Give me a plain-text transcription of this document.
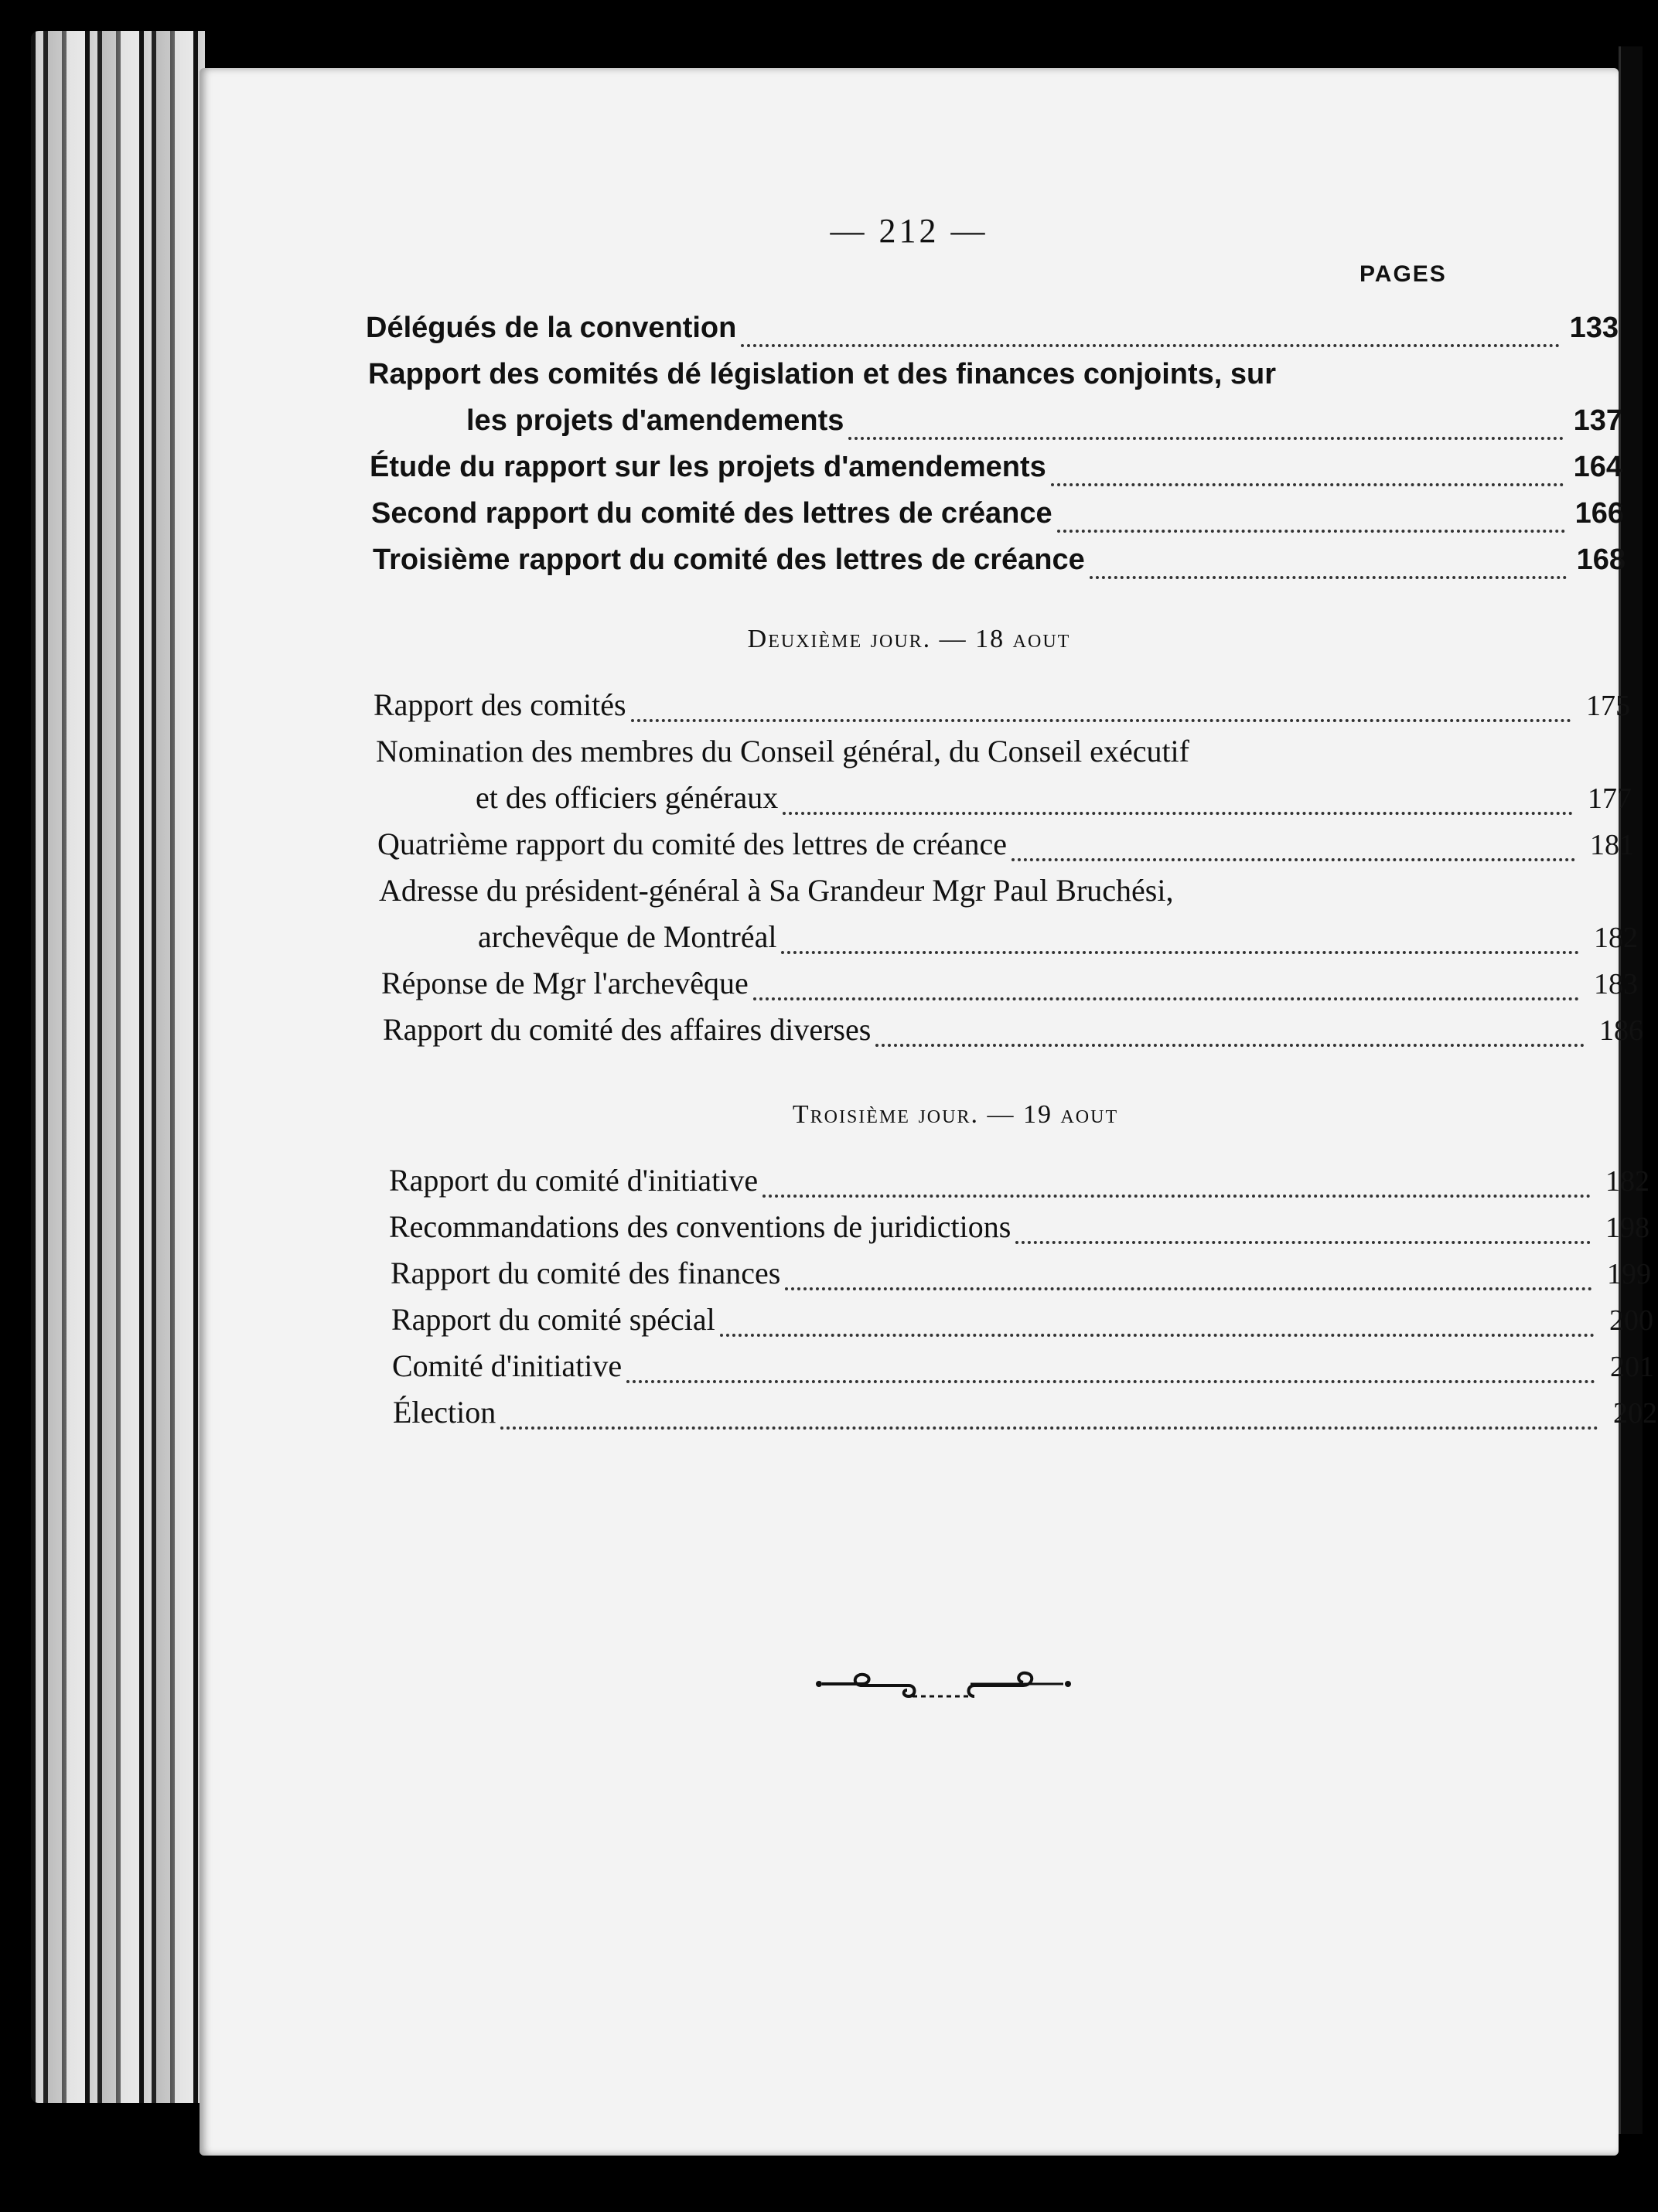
— 212 —
PAGES
Délégués de la convention	133
Rapport des comités dé législation et des finances conjoints, sur
les projets d'amendements	137
Étude du rapport sur les projets d'amendements	164
Second rapport du comité des lettres de créance	166
Troisième rapport du comité des lettres de créance	168
Deuxième jour. — 18 aout
Rapport des comités	175
Nomination des membres du Conseil général, du Conseil exécutif
et des officiers généraux	177
Quatrième rapport du comité des lettres de créance	181
Adresse du président-général à Sa Grandeur Mgr Paul Bruchési,
archevêque de Montréal	182
Réponse de Mgr l'archevêque	183
Rapport du comité des affaires diverses	186
Troisième jour. — 19 aout
Rapport du comité d'initiative	182
Recommandations des conventions de juridictions	198
Rapport du comité des finances	199
Rapport du comité spécial	200
Comité d'initiative	201
Élection	202
